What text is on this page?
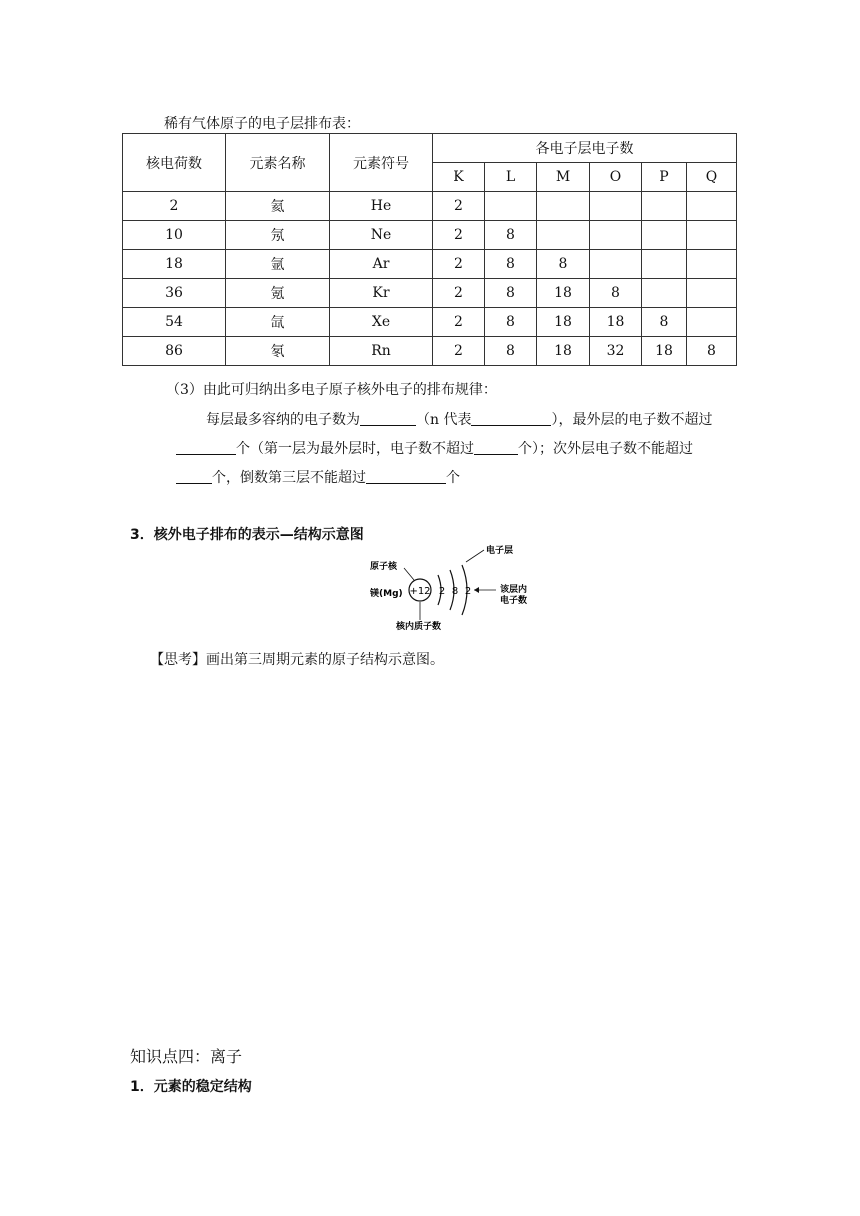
稀有气体原子的电子层排布表：
核电荷数	元素名称	元素符号	各电子层电子数					
			K	L	M	O	P	Q
2	氦	He	2					
10	氖	Ne	2	8				
18	氩	Ar	2	8	8			
36	氪	Kr	2	8	18	8		
54	氙	Xe	2	8	18	18	8	
86	氡	Rn	2	8	18	32	18	8
（3）由此可归纳出多电子原子核外电子的排布规律：
每层最多容纳的电子数为	（n 代表	），最外层的电子数不超过
个（第一层为最外层时，电子数不超过	个）；次外层电子数不能超过
个，倒数第三层不能超过	个
3．核外电子排布的表示—结构示意图
+12 2 8 2
原子核
镁(Mg)
电子层
该层内
电子数
核内质子数
【思考】画出第三周期元素的原子结构示意图。
知识点四：离子
1．元素的稳定结构
